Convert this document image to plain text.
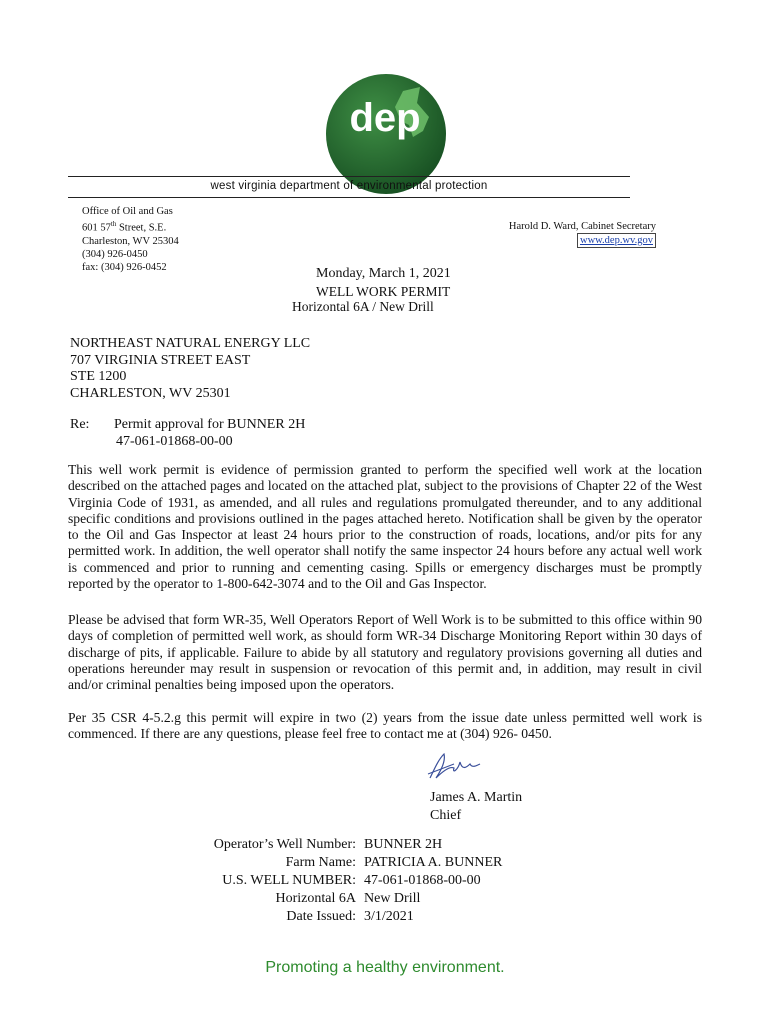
dep
west virginia department of environmental protection
Office of Oil and Gas
601 57th Street, S.E.
Charleston, WV 25304
(304) 926-0450
fax: (304) 926-0452
Harold D. Ward, Cabinet Secretary
www.dep.wv.gov
Monday, March 1, 2021
WELL WORK PERMIT
Horizontal 6A / New Drill
NORTHEAST NATURAL ENERGY LLC
707 VIRGINIA STREET EAST
STE 1200
CHARLESTON, WV 25301
Re: Permit approval for BUNNER 2H
47-061-01868-00-00
This well work permit is evidence of permission granted to perform the specified well work at the location described on the attached pages and located on the attached plat, subject to the provisions of Chapter 22 of the West Virginia Code of 1931, as amended, and all rules and regulations promulgated thereunder, and to any additional specific conditions and provisions outlined in the pages attached hereto. Notification shall be given by the operator to the Oil and Gas Inspector at least 24 hours prior to the construction of roads, locations, and/or pits for any permitted work. In addition, the well operator shall notify the same inspector 24 hours before any actual well work is commenced and prior to running and cementing casing. Spills or emergency discharges must be promptly reported by the operator to 1-800-642-3074 and to the Oil and Gas Inspector.
Please be advised that form WR-35, Well Operators Report of Well Work is to be submitted to this office within 90 days of completion of permitted well work, as should form WR-34 Discharge Monitoring Report within 30 days of discharge of pits, if applicable. Failure to abide by all statutory and regulatory provisions governing all duties and operations hereunder may result in suspension or revocation of this permit and, in addition, may result in civil and/or criminal penalties being imposed upon the operators.
Per 35 CSR 4-5.2.g this permit will expire in two (2) years from the issue date unless permitted well work is commenced. If there are any questions, please feel free to contact me at (304) 926- 0450.
James A. Martin
Chief
Operator’s Well Number:	BUNNER 2H
Farm Name:	PATRICIA A. BUNNER
U.S. WELL NUMBER:	47-061-01868-00-00
Horizontal 6A	New Drill
Date Issued:	3/1/2021
Promoting a healthy environment.
